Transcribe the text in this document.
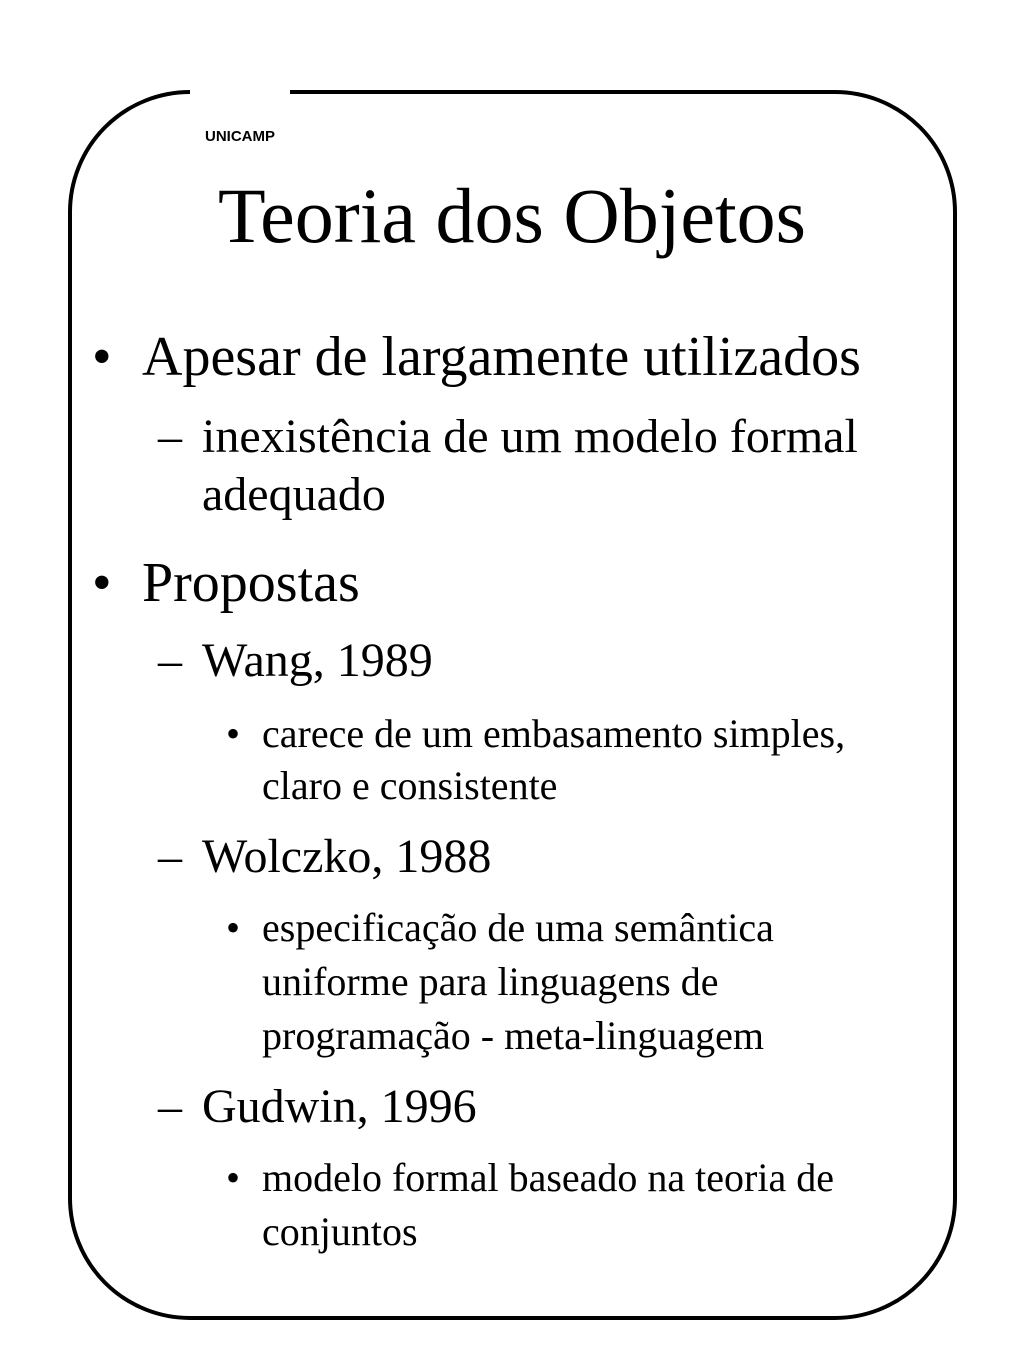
UNICAMP
Teoria dos Objetos
• Apesar de largamente utilizados
– inexistência de um modelo formal
adequado
• Propostas
– Wang, 1989
• carece de um embasamento simples,
claro e consistente
– Wolczko, 1988
• especificação de uma semântica
uniforme para linguagens de
programação - meta-linguagem
– Gudwin, 1996
• modelo formal baseado na teoria de
conjuntos
